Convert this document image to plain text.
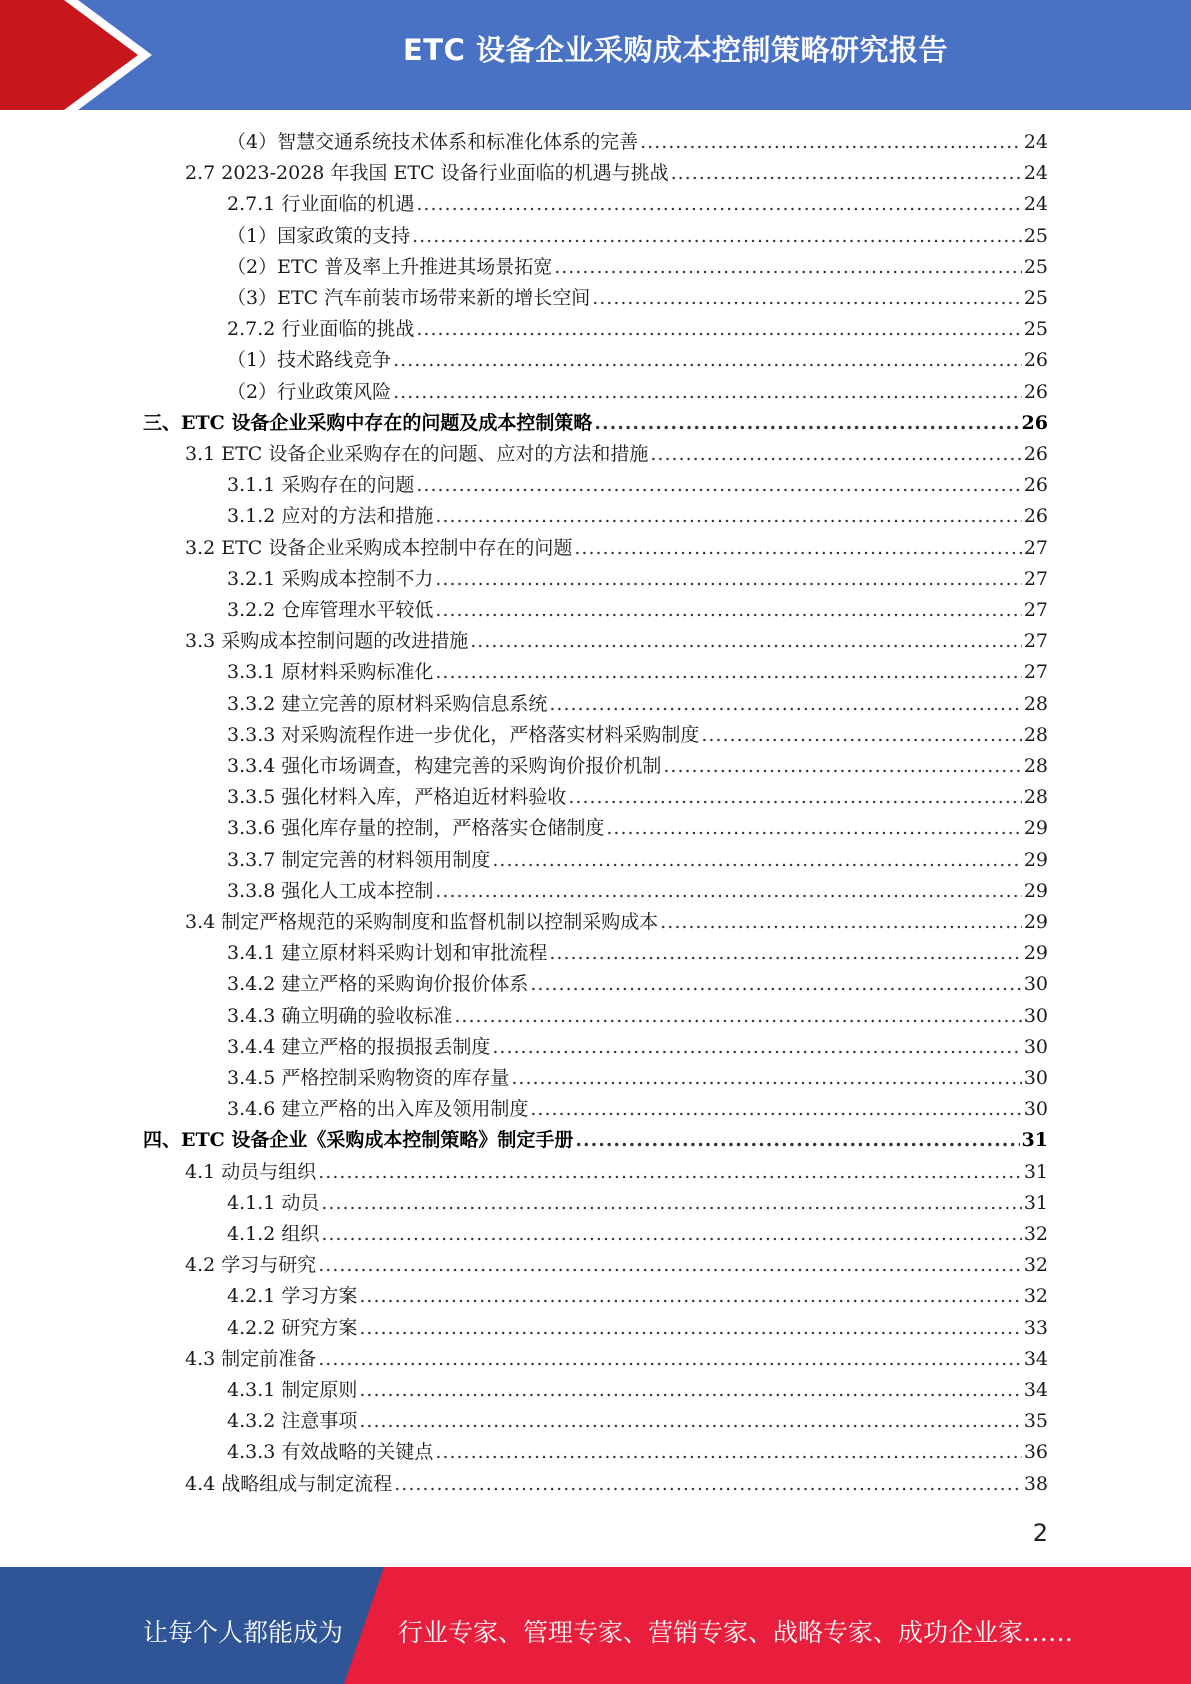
ETC 设备企业采购成本控制策略研究报告
（4）智慧交通系统技术体系和标准化体系的完善 .....	24
2.7 2023-2028 年我国 ETC 设备行业面临的机遇与挑战 .....	24
2.7.1 行业面临的机遇 .....	24
（1）国家政策的支持 .....	25
（2）ETC 普及率上升推进其场景拓宽 .....	25
（3）ETC 汽车前装市场带来新的增长空间 .....	25
2.7.2 行业面临的挑战 .....	25
（1）技术路线竞争 .....	26
（2）行业政策风险 .....	26
三、ETC 设备企业采购中存在的问题及成本控制策略 .....	26
3.1 ETC 设备企业采购存在的问题、应对的方法和措施 .....	26
3.1.1 采购存在的问题 .....	26
3.1.2 应对的方法和措施 .....	26
3.2 ETC 设备企业采购成本控制中存在的问题 .....	27
3.2.1 采购成本控制不力 .....	27
3.2.2 仓库管理水平较低 .....	27
3.3 采购成本控制问题的改进措施 .....	27
3.3.1 原材料采购标准化 .....	27
3.3.2 建立完善的原材料采购信息系统 .....	28
3.3.3 对采购流程作进一步优化，严格落实材料采购制度 .....	28
3.3.4 强化市场调查，构建完善的采购询价报价机制 .....	28
3.3.5 强化材料入库，严格迫近材料验收 .....	28
3.3.6 强化库存量的控制，严格落实仓储制度 .....	29
3.3.7 制定完善的材料领用制度 .....	29
3.3.8 强化人工成本控制 .....	29
3.4 制定严格规范的采购制度和监督机制以控制采购成本 .....	29
3.4.1 建立原材料采购计划和审批流程 .....	29
3.4.2 建立严格的采购询价报价体系 .....	30
3.4.3 确立明确的验收标准 .....	30
3.4.4 建立严格的报损报丢制度 .....	30
3.4.5 严格控制采购物资的库存量 .....	30
3.4.6 建立严格的出入库及领用制度 .....	30
四、ETC 设备企业《采购成本控制策略》制定手册 .....	31
4.1 动员与组织 .....	31
4.1.1 动员 .....	31
4.1.2 组织 .....	32
4.2 学习与研究 .....	32
4.2.1 学习方案 .....	32
4.2.2 研究方案 .....	33
4.3 制定前准备 .....	34
4.3.1 制定原则 .....	34
4.3.2 注意事项 .....	35
4.3.3 有效战略的关键点 .....	36
4.4 战略组成与制定流程 .....	38
2
让每个人都能成为 行业专家、管理专家、营销专家、战略专家、成功企业家……
